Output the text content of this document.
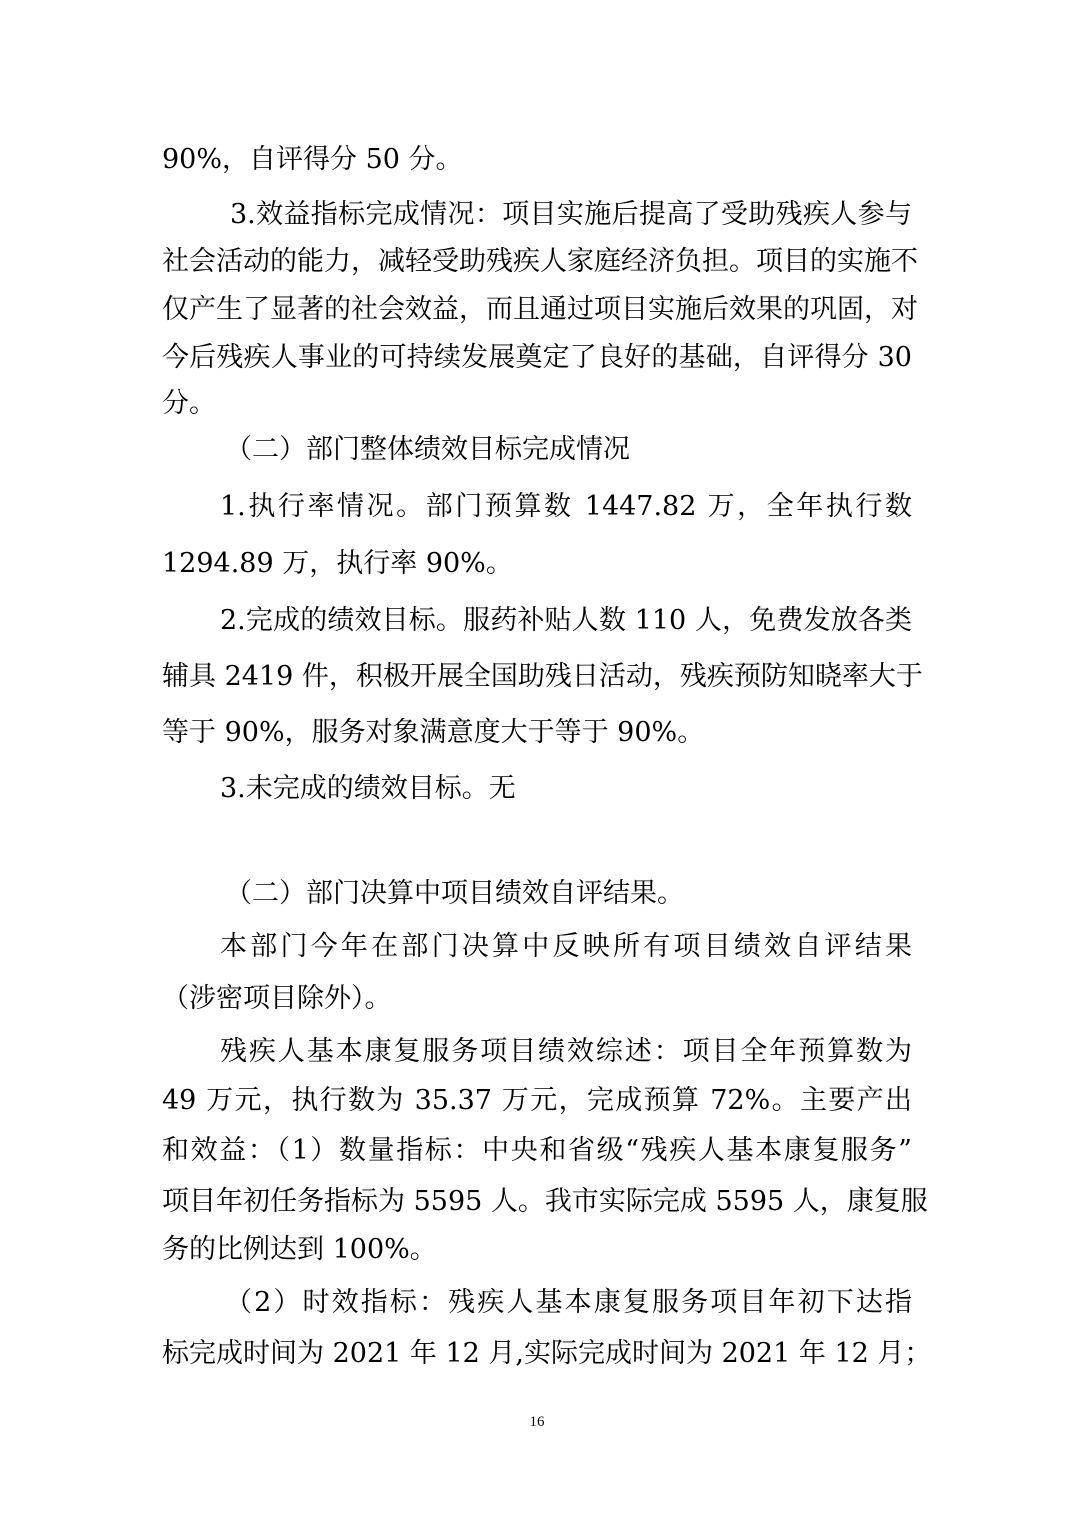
90%，自评得分 50 分。
3.效益指标完成情况：项目实施后提高了受助残疾人参与
社会活动的能力，减轻受助残疾人家庭经济负担。项目的实施不
仅产生了显著的社会效益，而且通过项目实施后效果的巩固，对
今后残疾人事业的可持续发展奠定了良好的基础，自评得分 30
分。
（二）部门整体绩效目标完成情况
1.执行率情况。部门预算数 1447.82 万，全年执行数
1294.89 万，执行率 90%。
2.完成的绩效目标。服药补贴人数 110 人，免费发放各类
辅具 2419 件，积极开展全国助残日活动，残疾预防知晓率大于
等于 90%，服务对象满意度大于等于 90%。
3.未完成的绩效目标。无
（二）部门决算中项目绩效自评结果。
本部门今年在部门决算中反映所有项目绩效自评结果
（涉密项目除外）。
残疾人基本康复服务项目绩效综述：项目全年预算数为
49 万元，执行数为 35.37 万元，完成预算 72%。主要产出
和效益：（1）数量指标：中央和省级“残疾人基本康复服务”
项目年初任务指标为 5595 人。我市实际完成 5595 人，康复服
务的比例达到 100%。
（2）时效指标：残疾人基本康复服务项目年初下达指
标完成时间为 2021 年 12 月,实际完成时间为 2021 年 12 月；
16
